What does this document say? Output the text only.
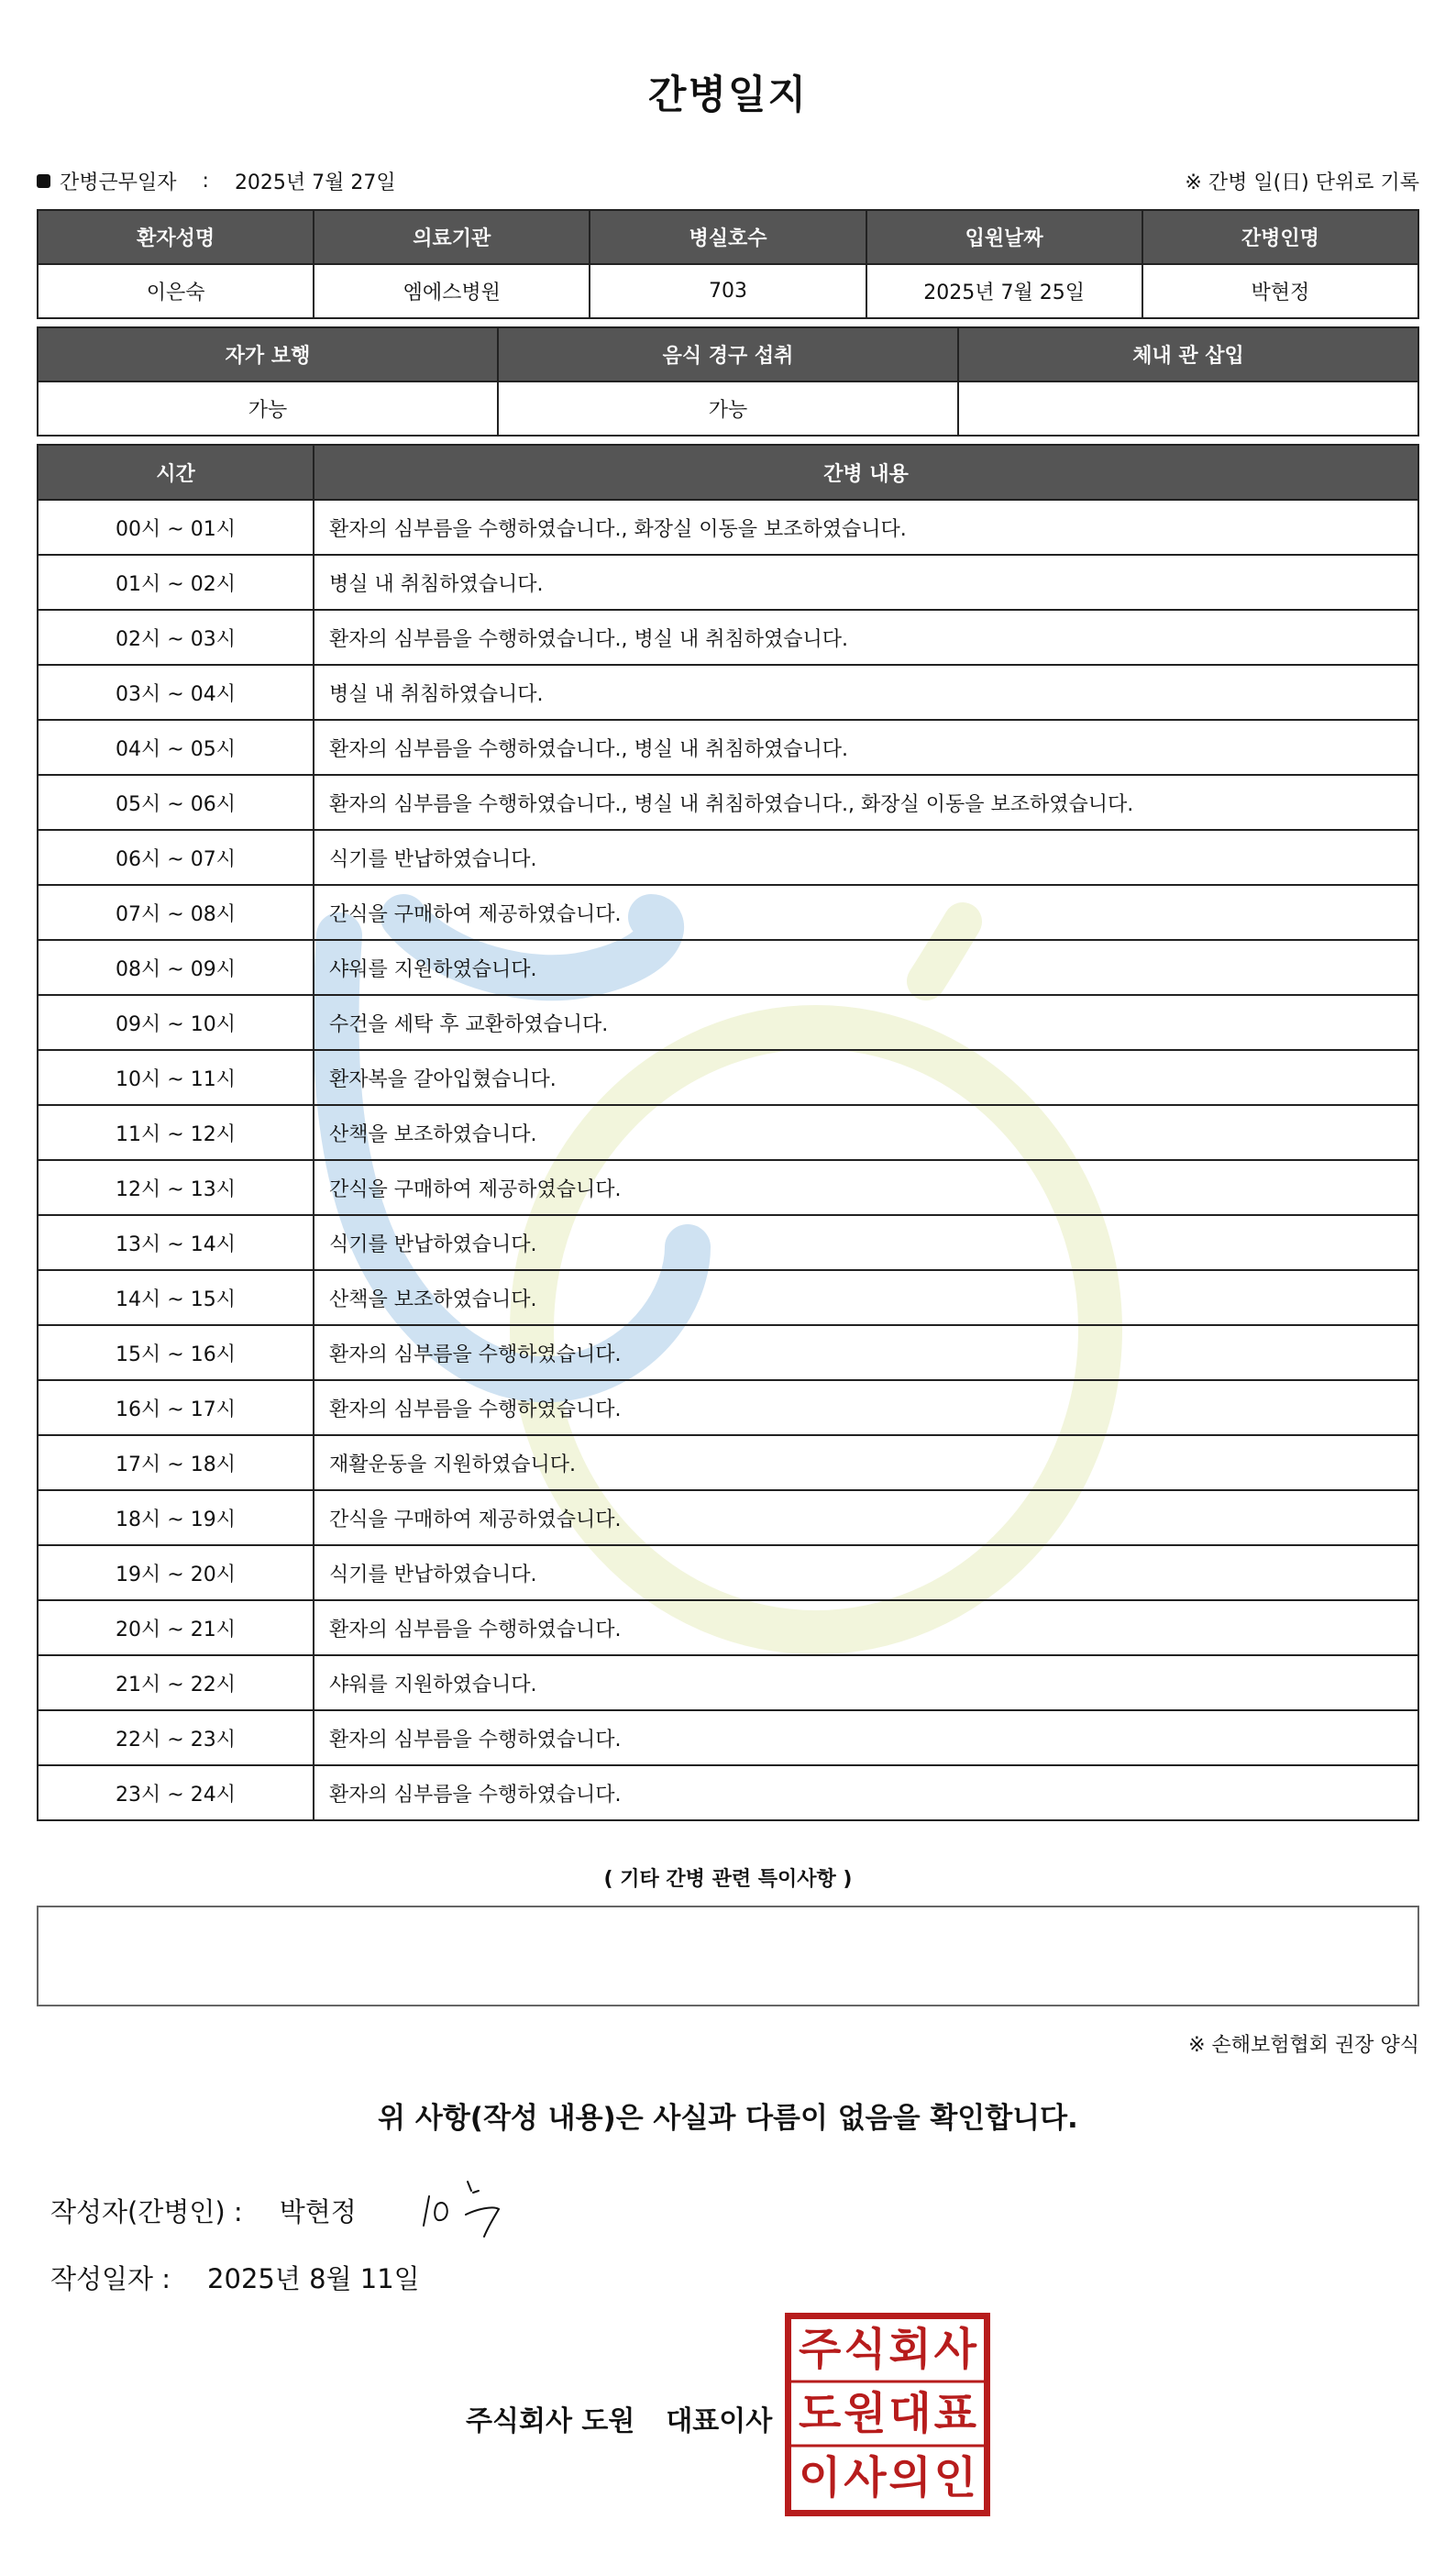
간병일지
간병근무일자 : 2025년 7월 27일	※ 간병 일(日) 단위로 기록
환자성명	의료기관	병실호수	입원날짜	간병인명
이은숙	엠에스병원	703	2025년 7월 25일	박현정
자가 보행	음식 경구 섭취	체내 관 삽입
가능	가능	
시간	간병 내용
00시 ~ 01시	환자의 심부름을 수행하였습니다., 화장실 이동을 보조하였습니다.
01시 ~ 02시	병실 내 취침하였습니다.
02시 ~ 03시	환자의 심부름을 수행하였습니다., 병실 내 취침하였습니다.
03시 ~ 04시	병실 내 취침하였습니다.
04시 ~ 05시	환자의 심부름을 수행하였습니다., 병실 내 취침하였습니다.
05시 ~ 06시	환자의 심부름을 수행하였습니다., 병실 내 취침하였습니다., 화장실 이동을 보조하였습니다.
06시 ~ 07시	식기를 반납하였습니다.
07시 ~ 08시	간식을 구매하여 제공하였습니다.
08시 ~ 09시	샤워를 지원하였습니다.
09시 ~ 10시	수건을 세탁 후 교환하였습니다.
10시 ~ 11시	환자복을 갈아입혔습니다.
11시 ~ 12시	산책을 보조하였습니다.
12시 ~ 13시	간식을 구매하여 제공하였습니다.
13시 ~ 14시	식기를 반납하였습니다.
14시 ~ 15시	산책을 보조하였습니다.
15시 ~ 16시	환자의 심부름을 수행하였습니다.
16시 ~ 17시	환자의 심부름을 수행하였습니다.
17시 ~ 18시	재활운동을 지원하였습니다.
18시 ~ 19시	간식을 구매하여 제공하였습니다.
19시 ~ 20시	식기를 반납하였습니다.
20시 ~ 21시	환자의 심부름을 수행하였습니다.
21시 ~ 22시	샤워를 지원하였습니다.
22시 ~ 23시	환자의 심부름을 수행하였습니다.
23시 ~ 24시	환자의 심부름을 수행하였습니다.
( 기타 간병 관련 특이사항 )
※ 손해보험협회 권장 양식
위 사항(작성 내용)은 사실과 다름이 없음을 확인합니다.
작성자(간병인) : 박현정
작성일자 : 2025년 8월 11일
주식회사 도원 대표이사
주 식 회 사
도 원 대 표
이 사 의 인
